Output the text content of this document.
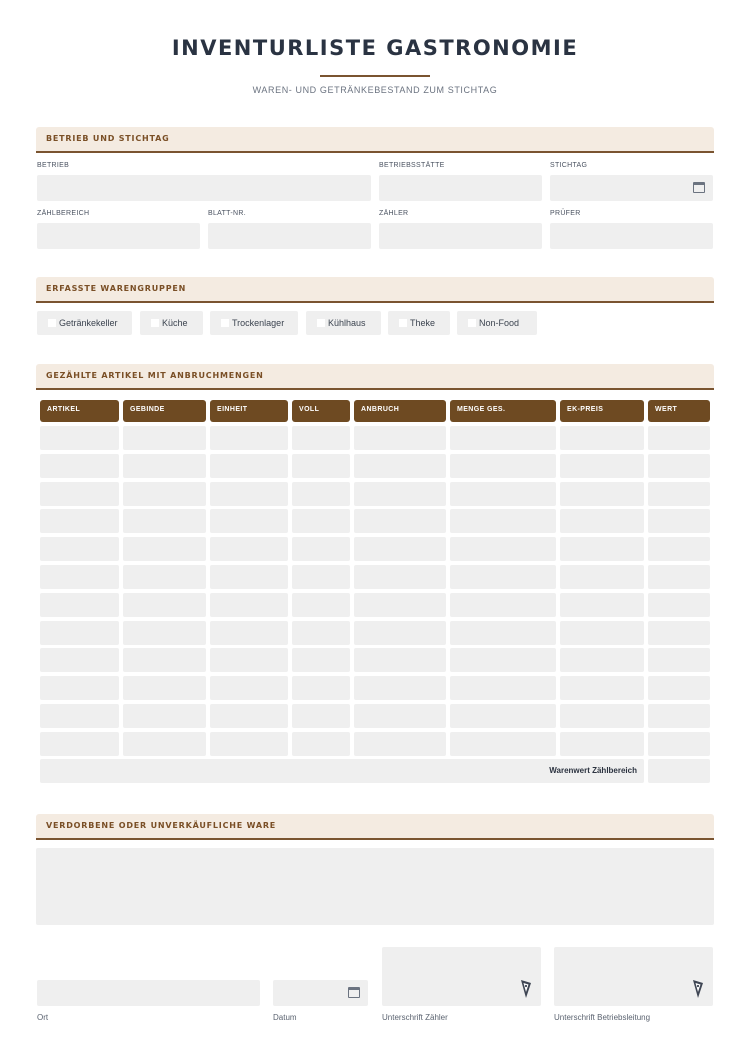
INVENTURLISTE GASTRONOMIE
WAREN- UND GETRÄNKEBESTAND ZUM STICHTAG
BETRIEB UND STICHTAG
BETRIEB	BETRIEBSSTÄTTE	STICHTAG
ZÄHLBEREICH	BLATT-NR.	ZÄHLER	PRÜFER
ERFASSTE WARENGRUPPEN
Getränkekeller	Küche	Trockenlager	Kühlhaus	Theke	Non-Food
GEZÄHLTE ARTIKEL MIT ANBRUCHMENGEN
ARTIKEL	GEBINDE	EINHEIT	VOLL	ANBRUCH	MENGE GES.	EK-PREIS	WERT
Warenwert Zählbereich
VERDORBENE ODER UNVERKÄUFLICHE WARE
Ort	Datum	Unterschrift Zähler	Unterschrift Betriebsleitung
